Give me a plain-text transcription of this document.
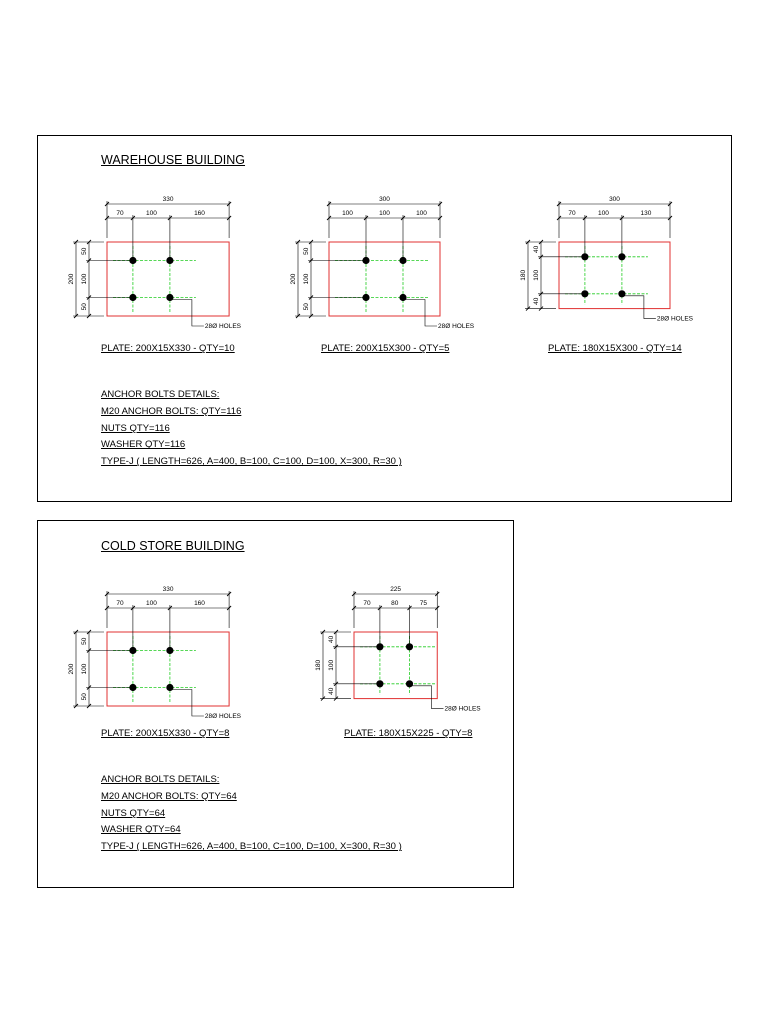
WAREHOUSE BUILDING
330
70	100	160
200
50
100
50
28Ø HOLES
300
100	100	100
200
50
100
50
28Ø HOLES
300
70	100	130
180
40
100
40
28Ø HOLES
PLATE: 200X15X330 - QTY=10	PLATE: 200X15X300 - QTY=5	PLATE: 180X15X300 - QTY=14
ANCHOR BOLTS DETAILS:
M20 ANCHOR BOLTS: QTY=116
NUTS QTY=116
WASHER QTY=116
TYPE-J ( LENGTH=626, A=400, B=100, C=100, D=100, X=300, R=30 )
COLD STORE BUILDING
330
70	100	160
200
50
100
50
28Ø HOLES
225
70	80	75
180
40
100
40
28Ø HOLES
PLATE: 200X15X330 - QTY=8	PLATE: 180X15X225 - QTY=8
ANCHOR BOLTS DETAILS:
M20 ANCHOR BOLTS: QTY=64
NUTS QTY=64
WASHER QTY=64
TYPE-J ( LENGTH=626, A=400, B=100, C=100, D=100, X=300, R=30 )
